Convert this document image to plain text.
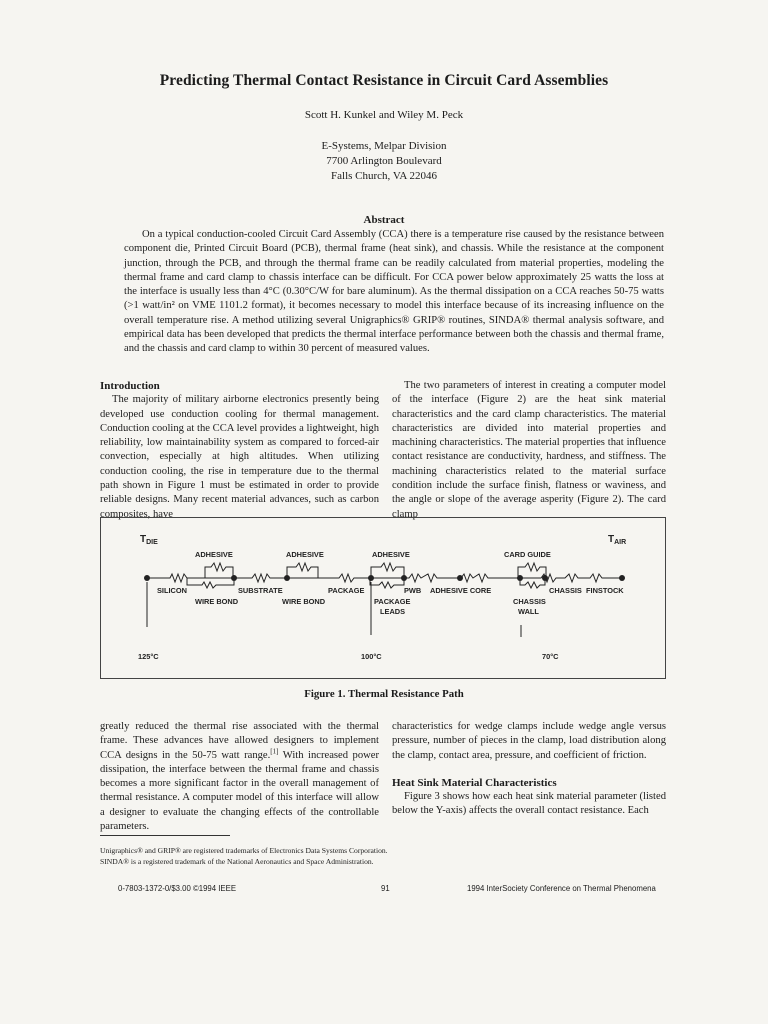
Predicting Thermal Contact Resistance in Circuit Card Assemblies
Scott H. Kunkel and Wiley M. Peck
E-Systems, Melpar Division
7700 Arlington Boulevard
Falls Church, VA 22046
Abstract
On a typical conduction-cooled Circuit Card Assembly (CCA) there is a temperature rise caused by the resistance between component die, Printed Circuit Board (PCB), thermal frame (heat sink), and chassis. While the resistance at the component junction, through the PCB, and through the thermal frame can be readily calculated from material properties, modeling the thermal frame and card clamp to chassis interface can be difficult. For CCA power below approximately 25 watts the loss at the interface is usually less than 4°C (0.30°C/W for bare aluminum). As the thermal dissipation on a CCA reaches 50-75 watts (>1 watt/in² on VME 1101.2 format), it becomes necessary to model this interface because of its increasing influence on the overall temperature rise. A method utilizing several Unigraphics® GRIP® routines, SINDA® thermal analysis software, and empirical data has been developed that predicts the thermal interface performance between both the chassis and thermal frame, and the chassis and card clamp to within 30 percent of measured values.
Introduction

The majority of military airborne electronics presently being developed use conduction cooling for thermal management. Conduction cooling at the CCA level provides a lightweight, high reliability, low maintainability system as compared to forced-air convection, especially at high altitudes. When utilizing conduction cooling, the rise in temperature due to the thermal path shown in Figure 1 must be estimated in order to provide reliable designs. Many recent material advances, such as carbon composites, have

The two parameters of interest in creating a computer model of the interface (Figure 2) are the heat sink material characteristics and the card clamp characteristics. The material characteristics are divided into material properties and machining characteristics. The material properties that influence contact resistance are conductivity, hardness, and stiffness. The machining characteristics related to the material surface condition include the surface finish, flatness or waviness, and the angle or slope of the average asperity (Figure 2). The card clamp

$T_{DIE}$	$T_{AIR}$
ADHESIVE	ADHESIVE	ADHESIVE	CARD GUIDE
SILICON	SUBSTRATE	PACKAGE	PWB ADHESIVE CORE	CHASSIS FINSTOCK
WIRE BOND	WIRE BOND	PACKAGE
LEADS
CHASSIS
WALL
125°C	100°C	70°C
Figure 1. Thermal Resistance Path

greatly reduced the thermal rise associated with the thermal frame. These advances have allowed designers to implement CCA designs in the 50-75 watt range.[1] With increased power dissipation, the interface between the thermal frame and chassis becomes a more significant factor in the overall management of thermal resistance. A computer model of this interface will allow a designer to evaluate the changing effects of the controllable parameters.

characteristics for wedge clamps include wedge angle versus pressure, number of pieces in the clamp, load distribution along the clamp, contact area, pressure, and coefficient of friction.

Heat Sink Material Characteristics

Figure 3 shows how each heat sink material parameter (listed below the Y-axis) affects the overall contact resistance. Each

Unigraphics® and GRIP® are registered trademarks of Electronics Data Systems Corporation.
SINDA® is a registered trademark of the National Aeronautics and Space Administration.
0-7803-1372-0/$3.00 ©1994 IEEE	91	1994 InterSociety Conference on Thermal Phenomena
